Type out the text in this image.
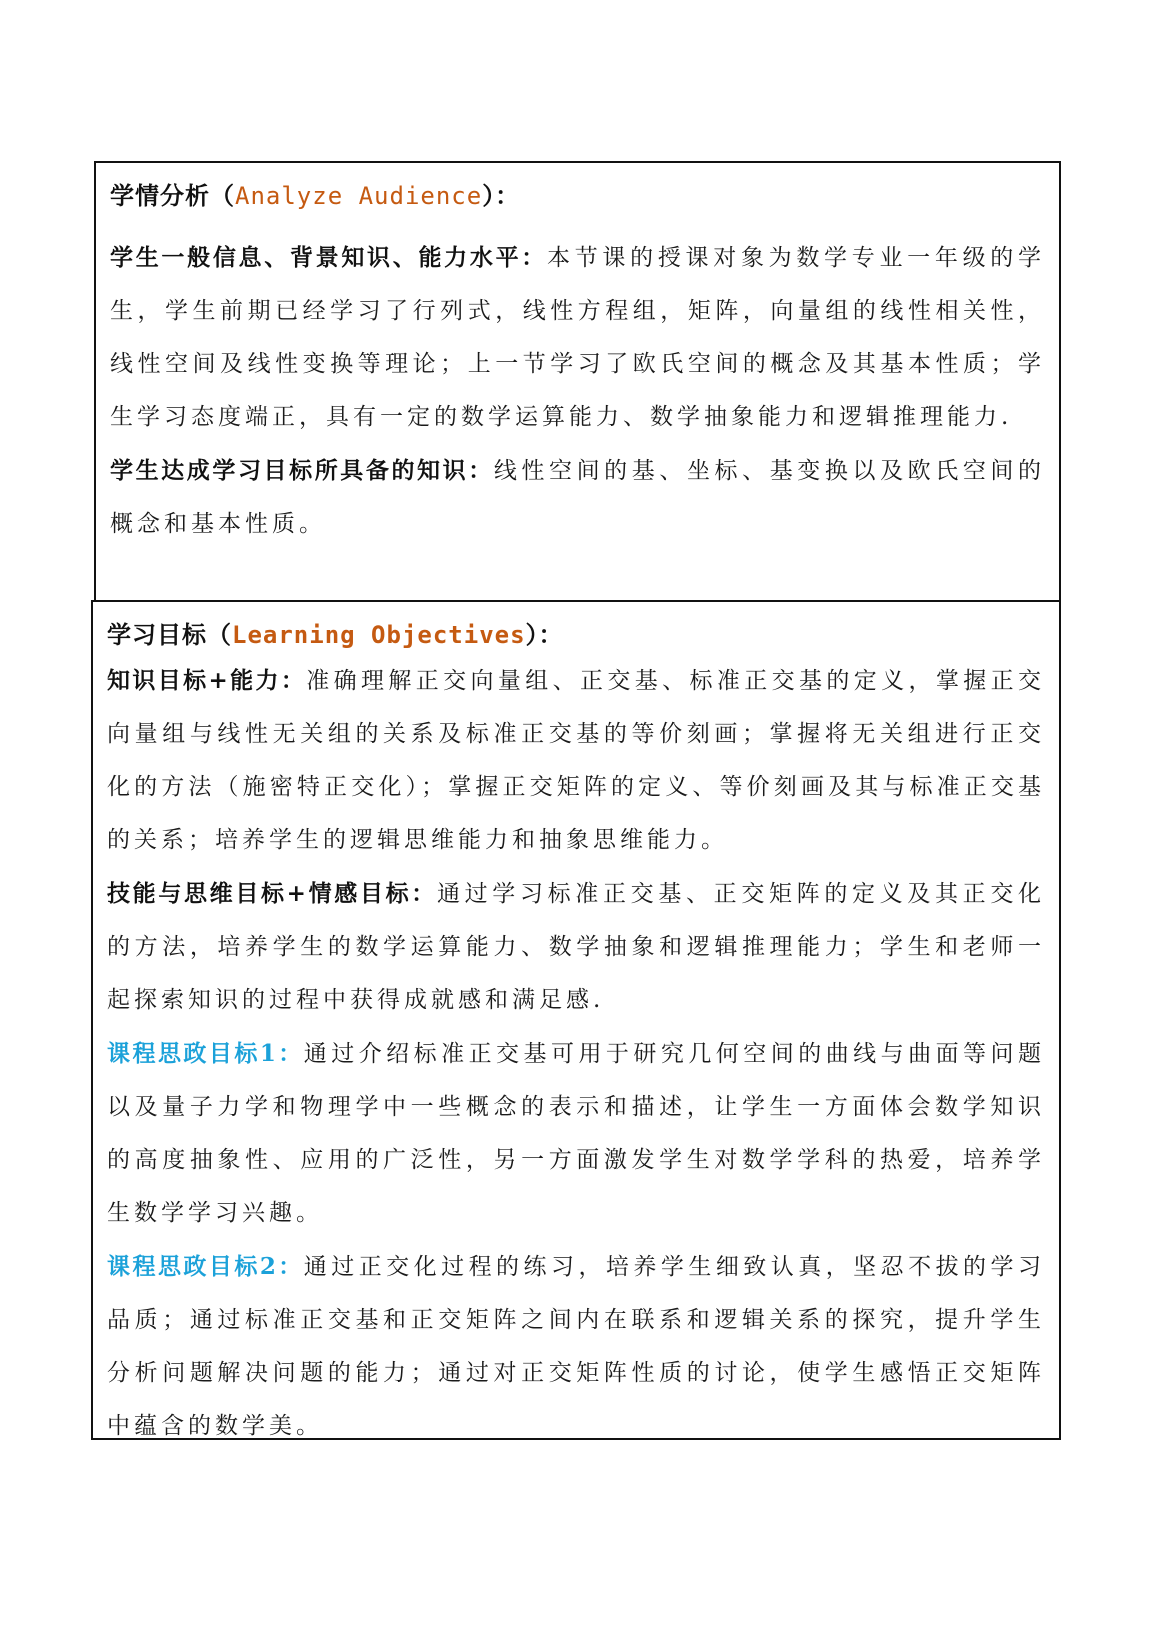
学情分析（Analyze Audience）：

学生一般信息、背景知识、能力水平：本节课的授课对象为数学专业一年级的学生，学生前期已经学习了行列式，线性方程组，矩阵，向量组的线性相关性，线性空间及线性变换等理论；上一节学习了欧氏空间的概念及其基本性质；学生学习态度端正，具有一定的数学运算能力、数学抽象能力和逻辑推理能力.

学生达成学习目标所具备的知识：线性空间的基、坐标、基变换以及欧氏空间的概念和基本性质。

学习目标（Learning Objectives）：

知识目标+能力：准确理解正交向量组、正交基、标准正交基的定义，掌握正交向量组与线性无关组的关系及标准正交基的等价刻画；掌握将无关组进行正交化的方法（施密特正交化）；掌握正交矩阵的定义、等价刻画及其与标准正交基的关系；培养学生的逻辑思维能力和抽象思维能力。

技能与思维目标+情感目标：通过学习标准正交基、正交矩阵的定义及其正交化的方法，培养学生的数学运算能力、数学抽象和逻辑推理能力；学生和老师一起探索知识的过程中获得成就感和满足感.

课程思政目标1：通过介绍标准正交基可用于研究几何空间的曲线与曲面等问题以及量子力学和物理学中一些概念的表示和描述，让学生一方面体会数学知识的高度抽象性、应用的广泛性，另一方面激发学生对数学学科的热爱，培养学生数学学习兴趣。

课程思政目标2：通过正交化过程的练习，培养学生细致认真，坚忍不拔的学习品质；通过标准正交基和正交矩阵之间内在联系和逻辑关系的探究，提升学生分析问题解决问题的能力；通过对正交矩阵性质的讨论，使学生感悟正交矩阵中蕴含的数学美。
